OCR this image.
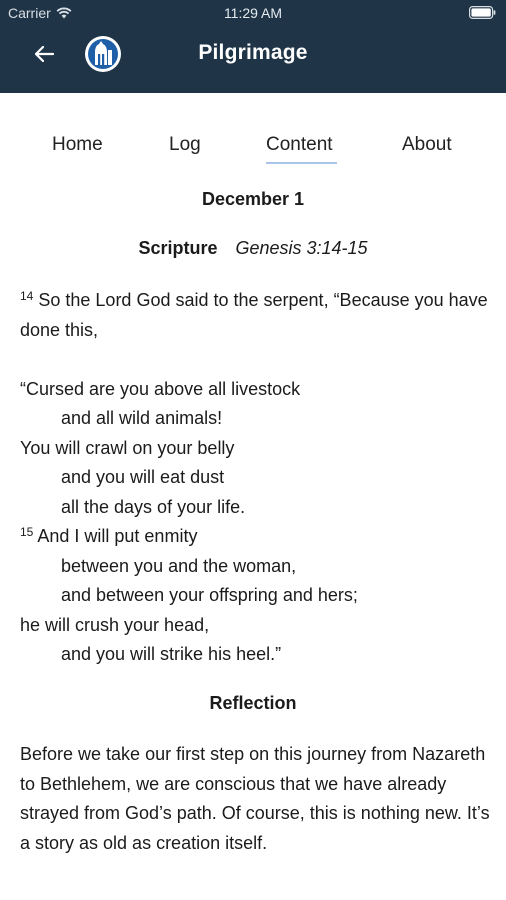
Carrier	11:29 AM
Pilgrimage
Home	Log	Content	About
December 1
Scripture Genesis 3:14-15

$^{14}$ So the Lord God said to the serpent, “Because you have done this,

“Cursed are you above all livestock
and all wild animals!
You will crawl on your belly
and you will eat dust
all the days of your life.
$^{15}$ And I will put enmity
between you and the woman,
and between your offspring and hers;
he will crush your head,
and you will strike his heel.”
Reflection

Before we take our first step on this journey from Nazareth to Bethlehem, we are conscious that we have already strayed from God’s path. Of course, this is nothing new. It’s a story as old as creation itself.
